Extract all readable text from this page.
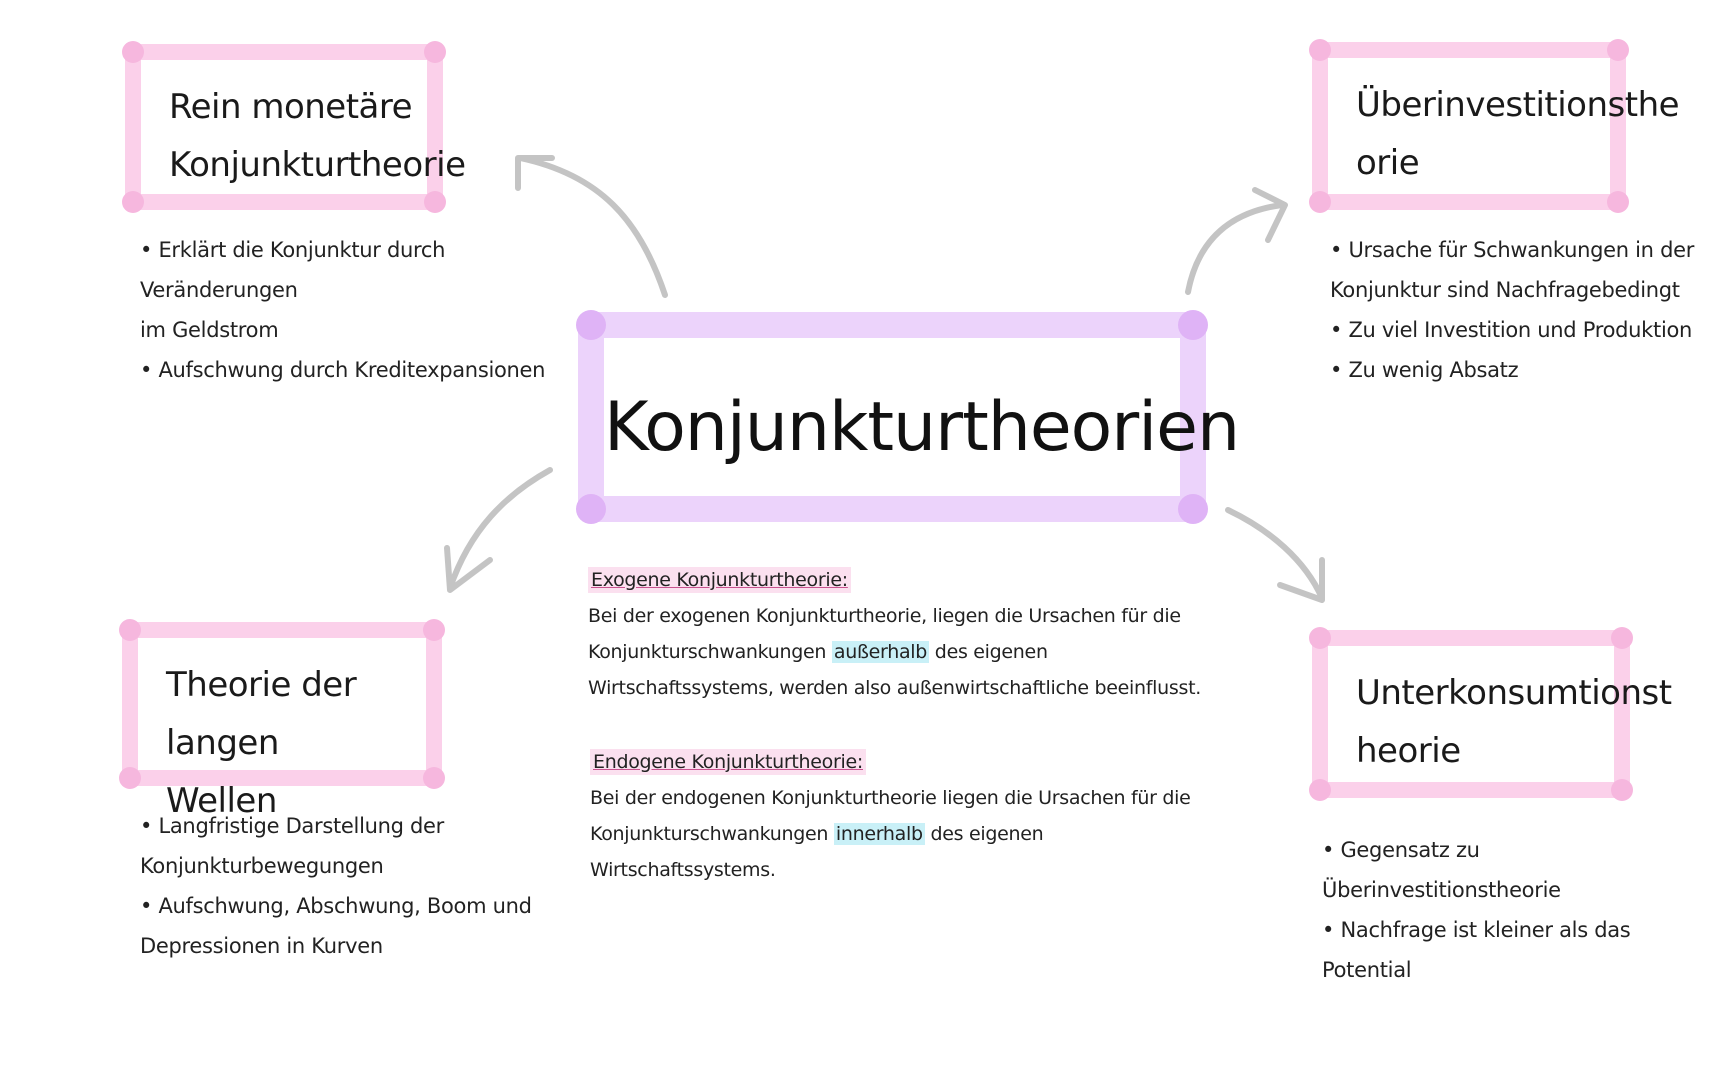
Rein monetäre
Konjunkturtheorie
Überinvestitionsthe
orie
Theorie der langen
Wellen
Unterkonsumtionst
heorie
Konjunkturtheorien

• Erklärt die Konjunktur durch Veränderungen

im Geldstrom

• Aufschwung durch Kreditexpansionen

• Ursache für Schwankungen in der

Konjunktur sind Nachfragebedingt

• Zu viel Investition und Produktion

• Zu wenig Absatz

• Langfristige Darstellung der

Konjunkturbewegungen

• Aufschwung, Abschwung, Boom und

Depressionen in Kurven

• Gegensatz zu Überinvestitionstheorie

• Nachfrage ist kleiner als das Potential

Exogene Konjunkturtheorie:

Bei der exogenen Konjunkturtheorie, liegen die Ursachen für die

Konjunkturschwankungen außerhalb des eigenen

Wirtschaftssystems, werden also außenwirtschaftliche beeinflusst.

Endogene Konjunkturtheorie:

Bei der endogenen Konjunkturtheorie liegen die Ursachen für die

Konjunkturschwankungen innerhalb des eigenen Wirtschaftssystems.
